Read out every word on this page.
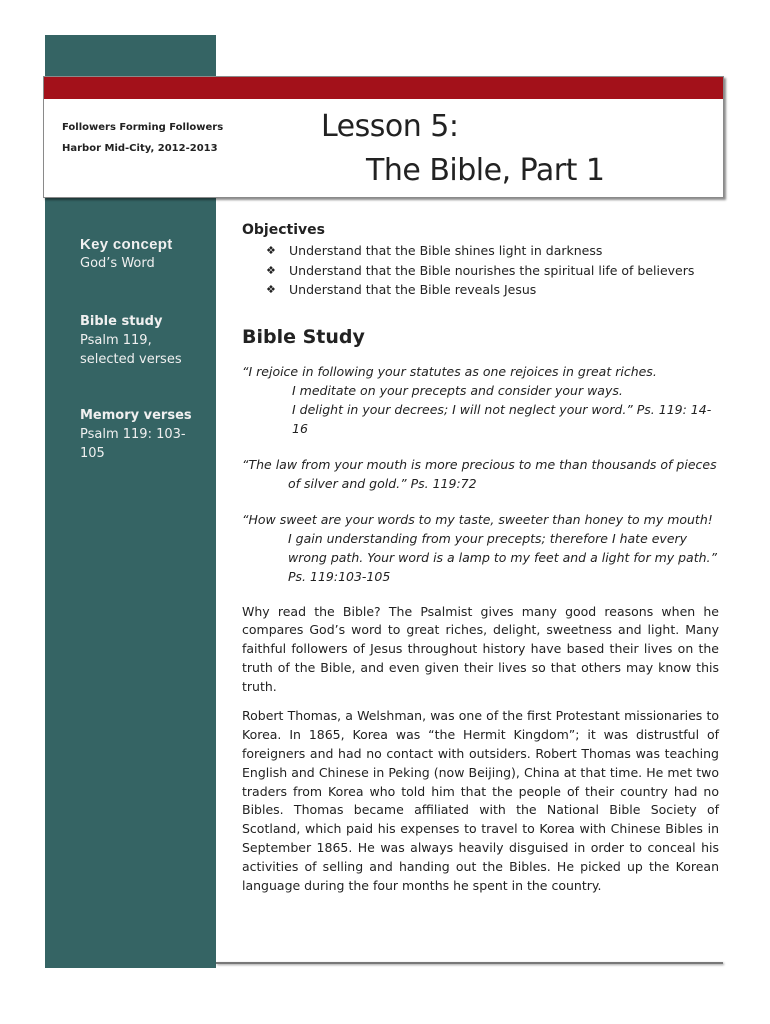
Followers Forming Followers
Harbor Mid-City, 2012-2013
Lesson 5:
The Bible, Part 1
Key concept
God’s Word
Bible study
Psalm 119,
selected verses
Memory verses
Psalm 119: 103-105
Objectives
❖ Understand that the Bible shines light in darkness
❖ Understand that the Bible nourishes the spiritual life of believers
❖ Understand that the Bible reveals Jesus
Bible Study
“I rejoice in following your statutes as one rejoices in great riches.
I meditate on your precepts and consider your ways.
I delight in your decrees; I will not neglect your word.” Ps. 119: 14-16
“The law from your mouth is more precious to me than thousands of pieces
of silver and gold.” Ps. 119:72
“How sweet are your words to my taste, sweeter than honey to my mouth!
I gain understanding from your precepts; therefore I hate every
wrong path. Your word is a lamp to my feet and a light for my path.”
Ps. 119:103-105

Why read the Bible? The Psalmist gives many good reasons when he compares God’s word to great riches, delight, sweetness and light. Many faithful followers of Jesus throughout history have based their lives on the truth of the Bible, and even given their lives so that others may know this truth.

Robert Thomas, a Welshman, was one of the first Protestant missionaries to Korea. In 1865, Korea was “the Hermit Kingdom”; it was distrustful of foreigners and had no contact with outsiders. Robert Thomas was teaching English and Chinese in Peking (now Beijing), China at that time. He met two traders from Korea who told him that the people of their country had no Bibles. Thomas became affiliated with the National Bible Society of Scotland, which paid his expenses to travel to Korea with Chinese Bibles in September 1865. He was always heavily disguised in order to conceal his activities of selling and handing out the Bibles. He picked up the Korean language during the four months he spent in the country.
